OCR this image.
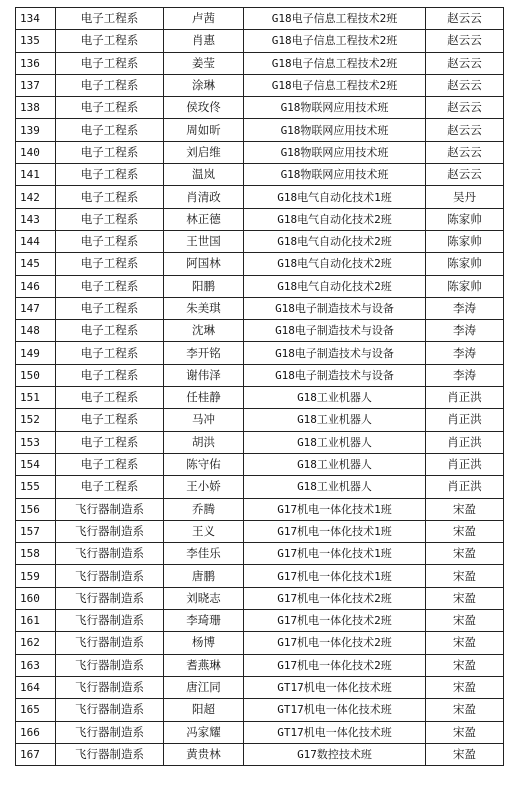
134	电子工程系	卢茜	G18电子信息工程技术2班	赵云云
135	电子工程系	肖惠	G18电子信息工程技术2班	赵云云
136	电子工程系	姜莹	G18电子信息工程技术2班	赵云云
137	电子工程系	涂琳	G18电子信息工程技术2班	赵云云
138	电子工程系	侯玫佟	G18物联网应用技术班	赵云云
139	电子工程系	周如昕	G18物联网应用技术班	赵云云
140	电子工程系	刘启维	G18物联网应用技术班	赵云云
141	电子工程系	温岚	G18物联网应用技术班	赵云云
142	电子工程系	肖清政	G18电气自动化技术1班	吴丹
143	电子工程系	林正德	G18电气自动化技术2班	陈家帅
144	电子工程系	王世国	G18电气自动化技术2班	陈家帅
145	电子工程系	阿国林	G18电气自动化技术2班	陈家帅
146	电子工程系	阳鹏	G18电气自动化技术2班	陈家帅
147	电子工程系	朱美琪	G18电子制造技术与设备	李涛
148	电子工程系	沈琳	G18电子制造技术与设备	李涛
149	电子工程系	李开铭	G18电子制造技术与设备	李涛
150	电子工程系	谢伟泽	G18电子制造技术与设备	李涛
151	电子工程系	任桂静	G18工业机器人	肖正洪
152	电子工程系	马冲	G18工业机器人	肖正洪
153	电子工程系	胡洪	G18工业机器人	肖正洪
154	电子工程系	陈守佑	G18工业机器人	肖正洪
155	电子工程系	王小娇	G18工业机器人	肖正洪
156	飞行器制造系	乔腾	G17机电一体化技术1班	宋盈
157	飞行器制造系	王义	G17机电一体化技术1班	宋盈
158	飞行器制造系	李佳乐	G17机电一体化技术1班	宋盈
159	飞行器制造系	唐鹏	G17机电一体化技术1班	宋盈
160	飞行器制造系	刘晓志	G17机电一体化技术2班	宋盈
161	飞行器制造系	李琦珊	G17机电一体化技术2班	宋盈
162	飞行器制造系	杨博	G17机电一体化技术2班	宋盈
163	飞行器制造系	耆燕琳	G17机电一体化技术2班	宋盈
164	飞行器制造系	唐江同	GT17机电一体化技术班	宋盈
165	飞行器制造系	阳超	GT17机电一体化技术班	宋盈
166	飞行器制造系	冯家耀	GT17机电一体化技术班	宋盈
167	飞行器制造系	黄贵林	G17数控技术班	宋盈
